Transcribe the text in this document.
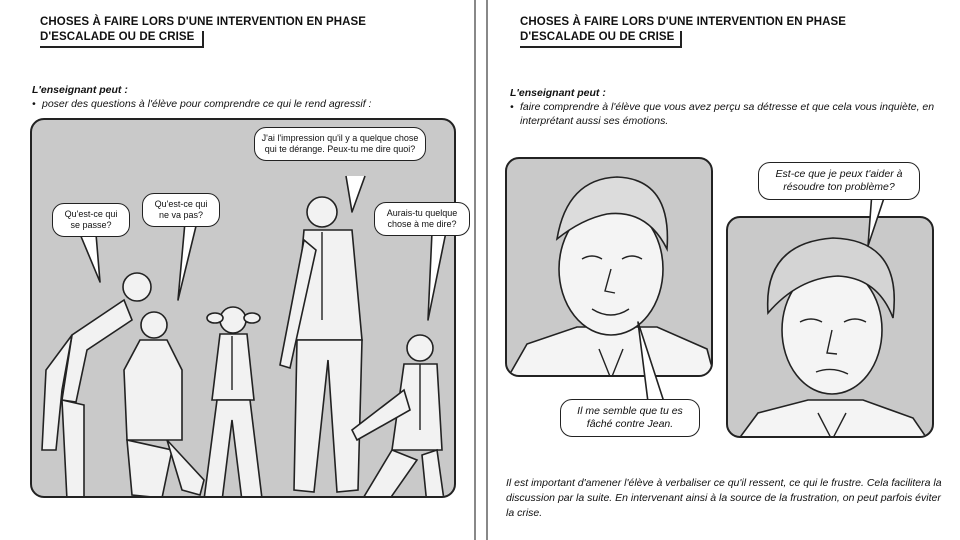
CHOSES À FAIRE LORS D'UNE INTERVENTION EN PHASE
D'ESCALADE OU DE CRISE
L'enseignant peut :
• poser des questions à l'élève pour comprendre ce qui le rend agressif :
Qu'est-ce qui se passe?
Qu'est-ce qui ne va pas?
J'ai l'impression qu'il y a quelque chose qui te dérange. Peux-tu me dire quoi?
Aurais-tu quelque chose à me dire?
CHOSES À FAIRE LORS D'UNE INTERVENTION EN PHASE
D'ESCALADE OU DE CRISE
L'enseignant peut :
• faire comprendre à l'élève que vous avez perçu sa détresse et que cela vous inquiète, en interprétant aussi ses émotions.
Il me semble que tu es fâché contre Jean.
Est-ce que je peux t'aider à résoudre ton problème?
Il est important d'amener l'élève à verbaliser ce qu'il ressent, ce qui le frustre. Cela facilitera la discussion par la suite. En intervenant ainsi à la source de la frustration, on peut parfois éviter la crise.
